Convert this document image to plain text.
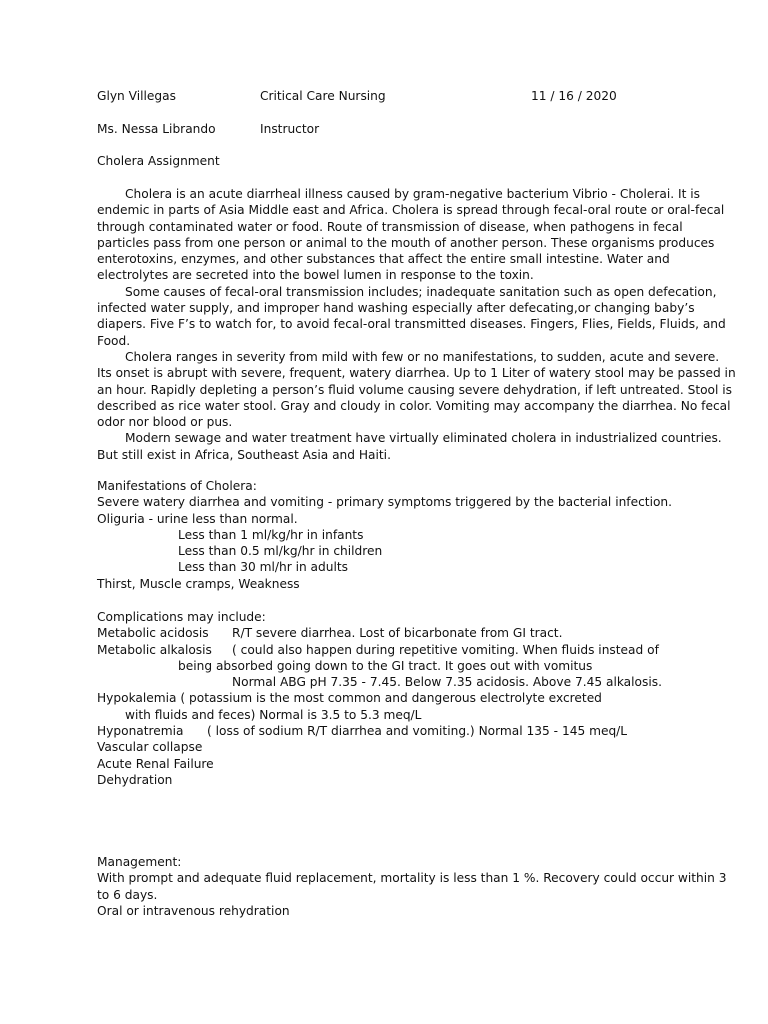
Glyn Villegas	Critical Care Nursing	11 / 16 / 2020
Ms. Nessa Librando	Instructor
Cholera Assignment
Cholera is an acute diarrheal illness caused by gram-negative bacterium Vibrio - Cholerai. It is
endemic in parts of Asia Middle east and Africa. Cholera is spread through fecal-oral route or oral-fecal
through contaminated water or food. Route of transmission of disease, when pathogens in fecal
particles pass from one person or animal to the mouth of another person. These organisms produces
enterotoxins, enzymes, and other substances that affect the entire small intestine. Water and
electrolytes are secreted into the bowel lumen in response to the toxin.
Some causes of fecal-oral transmission includes; inadequate sanitation such as open defecation,
infected water supply, and improper hand washing especially after defecating,or changing baby’s
diapers. Five F’s to watch for, to avoid fecal-oral transmitted diseases. Fingers, Flies, Fields, Fluids, and
Food.
Cholera ranges in severity from mild with few or no manifestations, to sudden, acute and severe.
Its onset is abrupt with severe, frequent, watery diarrhea. Up to 1 Liter of watery stool may be passed in
an hour. Rapidly depleting a person’s fluid volume causing severe dehydration, if left untreated. Stool is
described as rice water stool. Gray and cloudy in color. Vomiting may accompany the diarrhea. No fecal
odor nor blood or pus.
Modern sewage and water treatment have virtually eliminated cholera in industrialized countries.
But still exist in Africa, Southeast Asia and Haiti.
Manifestations of Cholera:
Severe watery diarrhea and vomiting - primary symptoms triggered by the bacterial infection.
Oliguria - urine less than normal.
Less than 1 ml/kg/hr in infants
Less than 0.5 ml/kg/hr in children
Less than 30 ml/hr in adults
Thirst, Muscle cramps, Weakness
Complications may include:
Metabolic acidosis R/T severe diarrhea. Lost of bicarbonate from GI tract.
Metabolic alkalosis ( could also happen during repetitive vomiting. When fluids instead of
being absorbed going down to the GI tract. It goes out with vomitus
Normal ABG pH 7.35 - 7.45. Below 7.35 acidosis. Above 7.45 alkalosis.
Hypokalemia ( potassium is the most common and dangerous electrolyte excreted
with fluids and feces) Normal is 3.5 to 5.3 meq/L
Hyponatremia ( loss of sodium R/T diarrhea and vomiting.) Normal 135 - 145 meq/L
Vascular collapse
Acute Renal Failure
Dehydration
Management:
With prompt and adequate fluid replacement, mortality is less than 1 %. Recovery could occur within 3
to 6 days.
Oral or intravenous rehydration
